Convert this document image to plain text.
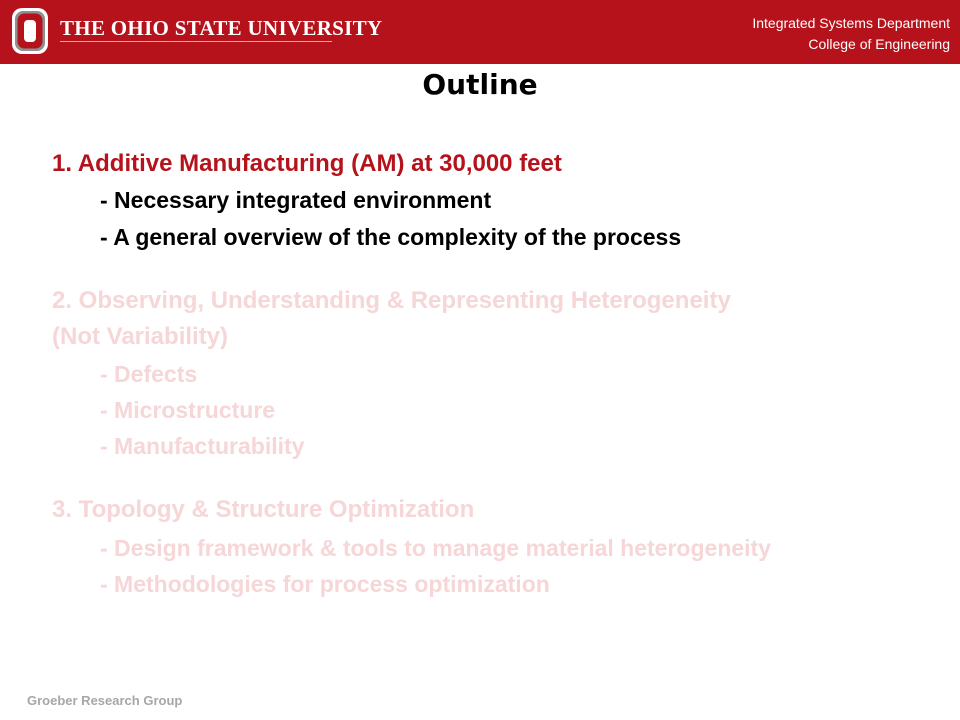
THE OHIO STATE UNIVERSITY	Integrated Systems Department
College of Engineering
Outline
1. Additive Manufacturing (AM) at 30,000 feet
- Necessary integrated environment
- A general overview of the complexity of the process
2. Observing, Understanding & Representing Heterogeneity
(Not Variability)
- Defects
- Microstructure
- Manufacturability
3. Topology & Structure Optimization
- Design framework & tools to manage material heterogeneity
- Methodologies for process optimization
Groeber Research Group
